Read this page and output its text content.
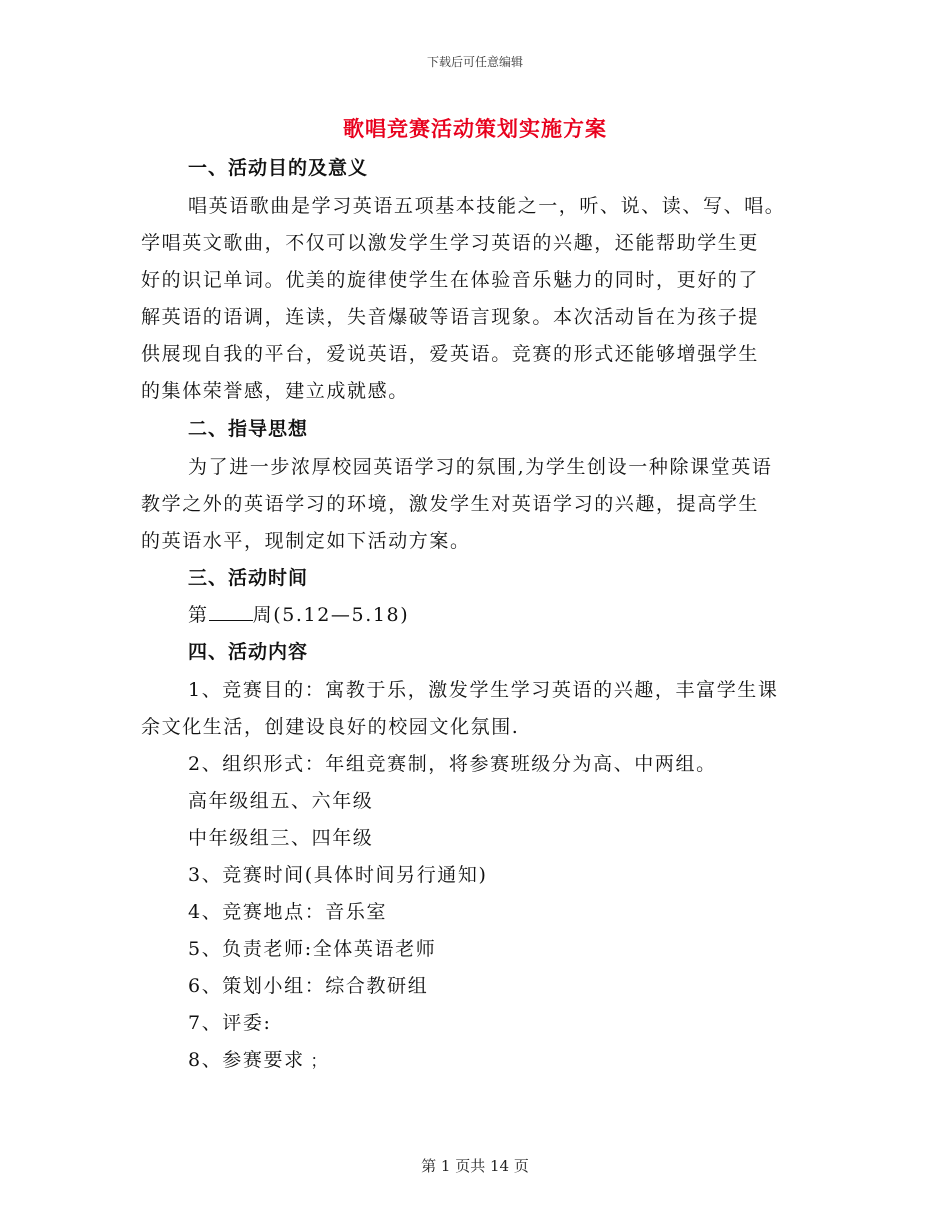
下载后可任意编辑
歌唱竞赛活动策划实施方案
一、活动目的及意义
唱英语歌曲是学习英语五项基本技能之一，听、说、读、写、唱。
学唱英文歌曲，不仅可以激发学生学习英语的兴趣，还能帮助学生更
好的识记单词。优美的旋律使学生在体验音乐魅力的同时，更好的了
解英语的语调，连读，失音爆破等语言现象。本次活动旨在为孩子提
供展现自我的平台，爱说英语，爱英语。竞赛的形式还能够增强学生
的集体荣誉感，建立成就感。
二、指导思想
为了进一步浓厚校园英语学习的氛围,为学生创设一种除课堂英语
教学之外的英语学习的环境，激发学生对英语学习的兴趣，提高学生
的英语水平，现制定如下活动方案。
三、活动时间
第 周(5.12—5.18)
四、活动内容
1、竞赛目的：寓教于乐，激发学生学习英语的兴趣，丰富学生课
余文化生活，创建设良好的校园文化氛围.
2、组织形式：年组竞赛制，将参赛班级分为高、中两组。
高年级组五、六年级
中年级组三、四年级
3、竞赛时间(具体时间另行通知)
4、竞赛地点：音乐室
5、负责老师:全体英语老师
6、策划小组：综合教研组
7、评委:
8、参赛要求﹔
第 1 页共 14 页
